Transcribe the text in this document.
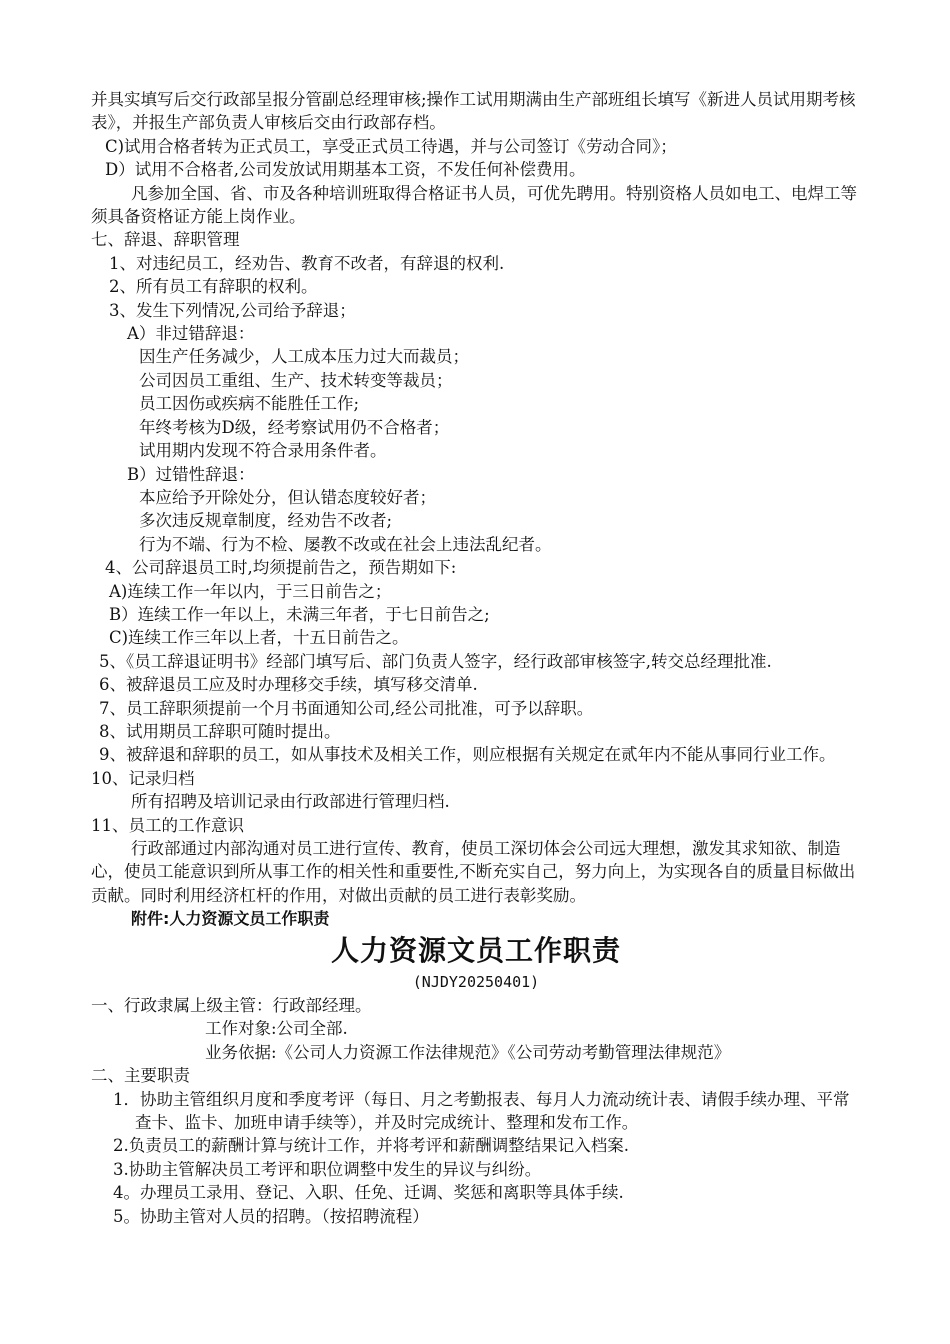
并具实填写后交行政部呈报分管副总经理审核;操作工试用期满由生产部班组长填写《新进人员试用期考核表》，并报生产部负责人审核后交由行政部存档。

C)试用合格者转为正式员工，享受正式员工待遇，并与公司签订《劳动合同》；

D）试用不合格者,公司发放试用期基本工资，不发任何补偿费用。

凡参加全国、省、市及各种培训班取得合格证书人员，可优先聘用。特别资格人员如电工、电焊工等须具备资格证方能上岗作业。

七、辞退、辞职管理

1、对违纪员工，经劝告、教育不改者，有辞退的权利.

2、所有员工有辞职的权利。

3、发生下列情况,公司给予辞退；

A）非过错辞退：

因生产任务减少，人工成本压力过大而裁员；

公司因员工重组、生产、技术转变等裁员；

员工因伤或疾病不能胜任工作;

年终考核为D级，经考察试用仍不合格者；

试用期内发现不符合录用条件者。

B）过错性辞退：

本应给予开除处分，但认错态度较好者；

多次违反规章制度，经劝告不改者;

行为不端、行为不检、屡教不改或在社会上违法乱纪者。

4、公司辞退员工时,均须提前告之，预告期如下:

A)连续工作一年以内，于三日前告之；

B）连续工作一年以上，未满三年者，于七日前告之;

C)连续工作三年以上者，十五日前告之。

5、《员工辞退证明书》经部门填写后、部门负责人签字，经行政部审核签字,转交总经理批准.

6、被辞退员工应及时办理移交手续，填写移交清单.

7、员工辞职须提前一个月书面通知公司,经公司批准，可予以辞职。

8、试用期员工辞职可随时提出。

9、被辞退和辞职的员工，如从事技术及相关工作，则应根据有关规定在贰年内不能从事同行业工作。

10、记录归档

所有招聘及培训记录由行政部进行管理归档.

11、员工的工作意识

行政部通过内部沟通对员工进行宣传、教育，使员工深切体会公司远大理想，激发其求知欲、制造心，使员工能意识到所从事工作的相关性和重要性,不断充实自己，努力向上，为实现各自的质量目标做出贡献。同时利用经济杠杆的作用，对做出贡献的员工进行表彰奖励。

附件:人力资源文员工作职责

人力资源文员工作职责

(NJDY20250401)

一、行政隶属上级主管：行政部经理。

工作对象:公司全部.

业务依据:《公司人力资源工作法律规范》《公司劳动考勤管理法律规范》

二、主要职责

1．协助主管组织月度和季度考评（每日、月之考勤报表、每月人力流动统计表、请假手续办理、平常查卡、监卡、加班申请手续等），并及时完成统计、整理和发布工作。

2.负责员工的薪酬计算与统计工作，并将考评和薪酬调整结果记入档案.

3.协助主管解决员工考评和职位调整中发生的异议与纠纷。

4。办理员工录用、登记、入职、任免、迁调、奖惩和离职等具体手续.

5。协助主管对人员的招聘。（按招聘流程）
